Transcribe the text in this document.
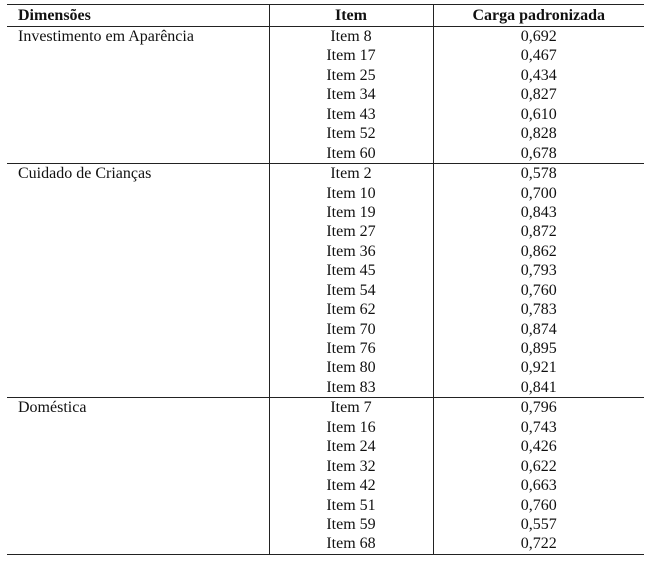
Dimensões	Item	Carga padronizada
Investimento em Aparência	Item 8	0,692
	Item 17	0,467
	Item 25	0,434
	Item 34	0,827
	Item 43	0,610
	Item 52	0,828
	Item 60	0,678
Cuidado de Crianças	Item 2	0,578
	Item 10	0,700
	Item 19	0,843
	Item 27	0,872
	Item 36	0,862
	Item 45	0,793
	Item 54	0,760
	Item 62	0,783
	Item 70	0,874
	Item 76	0,895
	Item 80	0,921
	Item 83	0,841
Doméstica	Item 7	0,796
	Item 16	0,743
	Item 24	0,426
	Item 32	0,622
	Item 42	0,663
	Item 51	0,760
	Item 59	0,557
	Item 68	0,722
